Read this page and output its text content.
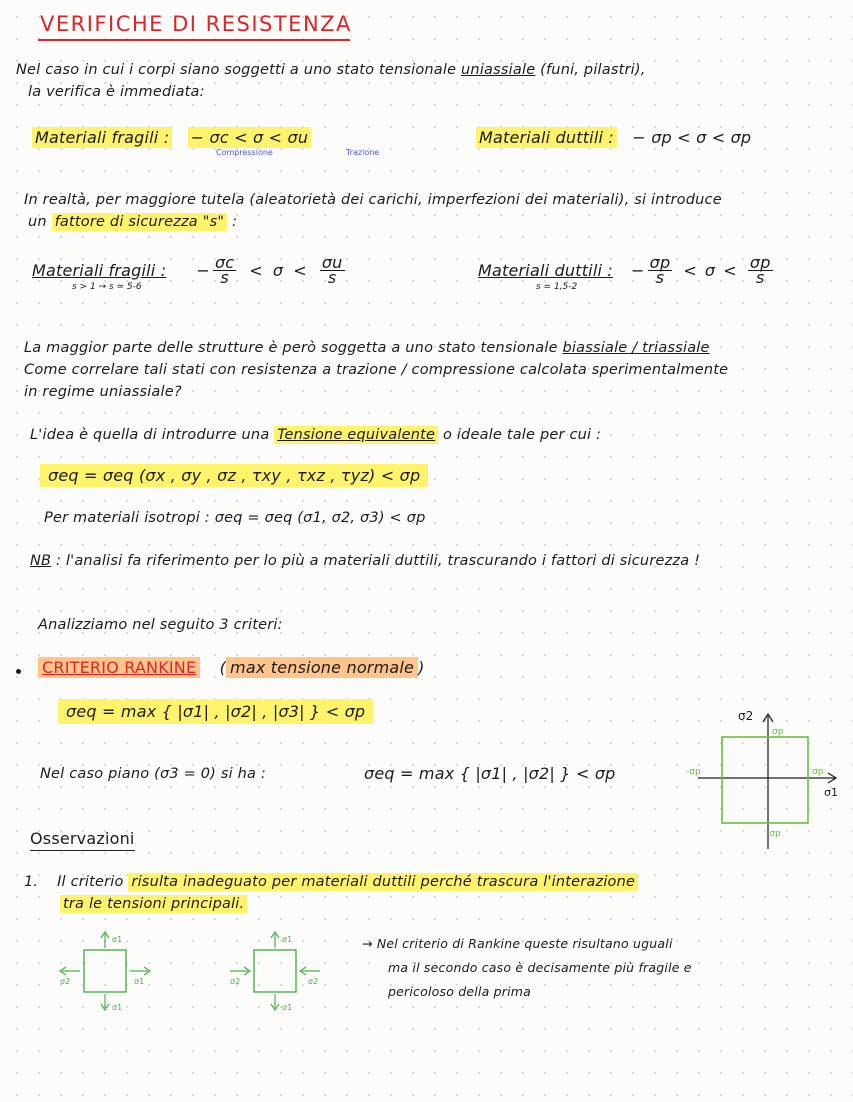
VERIFICHE DI RESISTENZA
Nel caso in cui i corpi siano soggetti a uno stato tensionale uniassiale (funi, pilastri),
la verifica è immediata:
Materiali fragili : − σc < σ < σu
Compressione	Trazione
Materiali duttili : − σp < σ < σp
In realtà, per maggiore tutela (aleatorietà dei carichi, imperfezioni dei materiali), si introduce
un fattore di sicurezza "s" :
Materiali fragili : − $\frac{\sigma c}{s} < \sigma < \frac{\sigma u}{s}$
s > 1 → s ≃ 5-6
Materiali duttili : − $\frac{\sigma p}{s} < \sigma < \frac{\sigma p}{s}$
s = 1,5-2
La maggior parte delle strutture è però soggetta a uno stato tensionale biassiale / triassiale
Come correlare tali stati con resistenza a trazione / compressione calcolata sperimentalmente
in regime uniassiale?
L'idea è quella di introdurre una Tensione equivalente o ideale tale per cui :
σeq = σeq (σx , σy , σz , τxy , τxz , τyz) < σp
Per materiali isotropi : σeq = σeq (σ1, σ2, σ3) < σp
NB : l'analisi fa riferimento per lo più a materiali duttili, trascurando i fattori di sicurezza !
Analizziamo nel seguito 3 criteri:
CRITERIO RANKINE ( max tensione normale )
σeq = max { |σ1| , |σ2| , |σ3| } < σp
Nel caso piano (σ3 = 0) si ha :	σeq = max { |σ1| , |σ2| } < σp
σ2
σ1
σp
-σp
-σp	σp
Osservazioni
1. Il criterio risulta inadeguato per materiali duttili perché trascura l'interazione
tra le tensioni principali.
σ1
σ1
σ1
σ2
σ1
σ1
σ2	σ2
→ Nel criterio di Rankine queste risultano uguali
ma il secondo caso è decisamente più fragile e
pericoloso della prima
